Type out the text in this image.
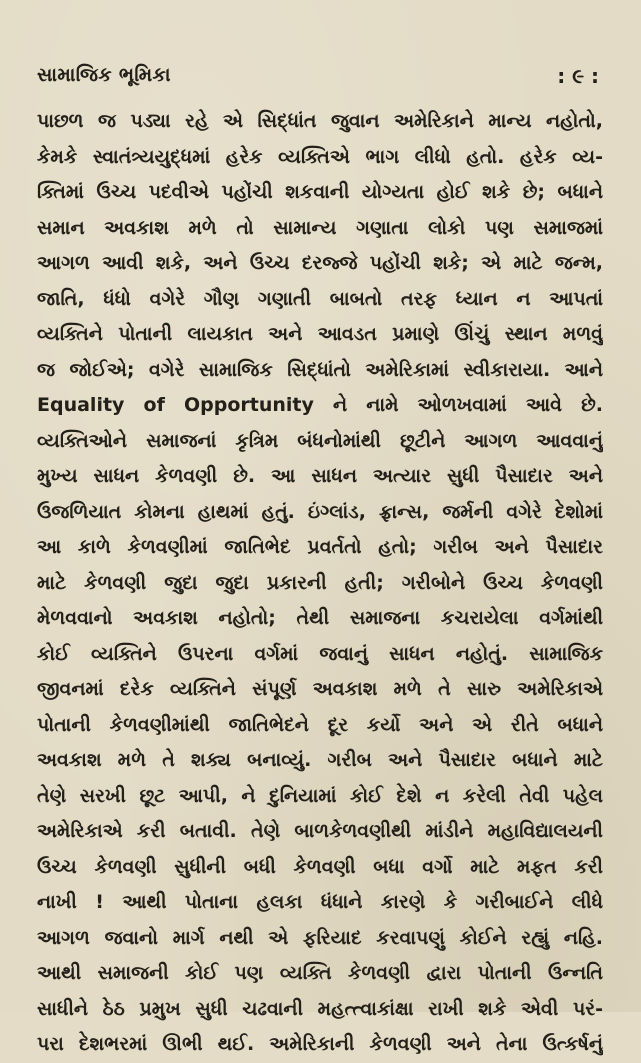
સામાજિક ભૂમિકા	: ૯ :
પાછળ જ પડ્યા રહે એ સિદ્ધાંત જુવાન અમેરિકાને માન્ય નહોતો,
કેમકે સ્વાતંત્ર્યયુદ્ધમાં હરેક વ્યક્તિએ ભાગ લીધો હતો. હરેક વ્ય-
ક્તિમાં ઉચ્ચ પદવીએ પહોંચી શકવાની યોગ્યતા હોઈ શકે છે; બધાને
સમાન અવકાશ મળે તો સામાન્ય ગણાતા લોકો પણ સમાજમાં
આગળ આવી શકે, અને ઉચ્ચ દરજ્જે પહોંચી શકે; એ માટે જન્મ,
જાતિ, ધંધો વગેરે ગૌણ ગણાતી બાબતો તરફ ધ્યાન ન આપતાં
વ્યક્તિને પોતાની લાયકાત અને આવડત પ્રમાણે ઊંચું સ્થાન મળવું
જ જોઈએ; વગેરે સામાજિક સિદ્ધાંતો અમેરિકામાં સ્વીકારાયા. આને
Equality of Opportunity ને નામે ઓળખવામાં આવે છે.
વ્યક્તિઓને સમાજનાં કૃત્રિમ બંધનોમાંથી છૂટીને આગળ આવવાનું
મુખ્ય સાધન કેળવણી છે. આ સાધન અત્યાર સુધી પૈસાદાર અને
ઉજળિયાત કોમના હાથમાં હતું. ઇંગ્લાંડ, ફ્રાન્સ, જર્મની વગેરે દેશોમાં
આ કાળે કેળવણીમાં જાતિભેદ પ્રવર્તતો હતો; ગરીબ અને પૈસાદાર
માટે કેળવણી જુદા જુદા પ્રકારની હતી; ગરીબોને ઉચ્ચ કેળવણી
મેળવવાનો અવકાશ નહોતો; તેથી સમાજના કચરાયેલા વર્ગમાંથી
કોઈ વ્યક્તિને ઉપરના વર્ગમાં જવાનું સાધન નહોતું. સામાજિક
જીવનમાં દરેક વ્યક્તિને સંપૂર્ણ અવકાશ મળે તે સારુ અમેરિકાએ
પોતાની કેળવણીમાંથી જાતિભેદને દૂર કર્યો અને એ રીતે બધાને
અવકાશ મળે તે શક્ય બનાવ્યું. ગરીબ અને પૈસાદાર બધાને માટે
તેણે સરખી છૂટ આપી, ને દુનિયામાં કોઈ દેશે ન કરેલી તેવી પહેલ
અમેરિકાએ કરી બતાવી. તેણે બાળકેળવણીથી માંડીને મહાવિદ્યાલયની
ઉચ્ચ કેળવણી સુધીની બધી કેળવણી બધા વર્ગો માટે મફત કરી
નાખી ! આથી પોતાના હલકા ધંધાને કારણે કે ગરીબાઈને લીધે
આગળ જવાનો માર્ગ નથી એ ફરિયાદ કરવાપણું કોઈને રહ્યું નહિ.
આથી સમાજની કોઈ પણ વ્યક્તિ કેળવણી દ્વારા પોતાની ઉન્નતિ
સાધીને ઠેઠ પ્રમુખ સુધી ચઢવાની મહત્ત્વાકાંક્ષા રાખી શકે એવી પરં-
પરા દેશભરમાં ઊભી થઈ. અમેરિકાની કેળવણી અને તેના ઉત્કર્ષનું
